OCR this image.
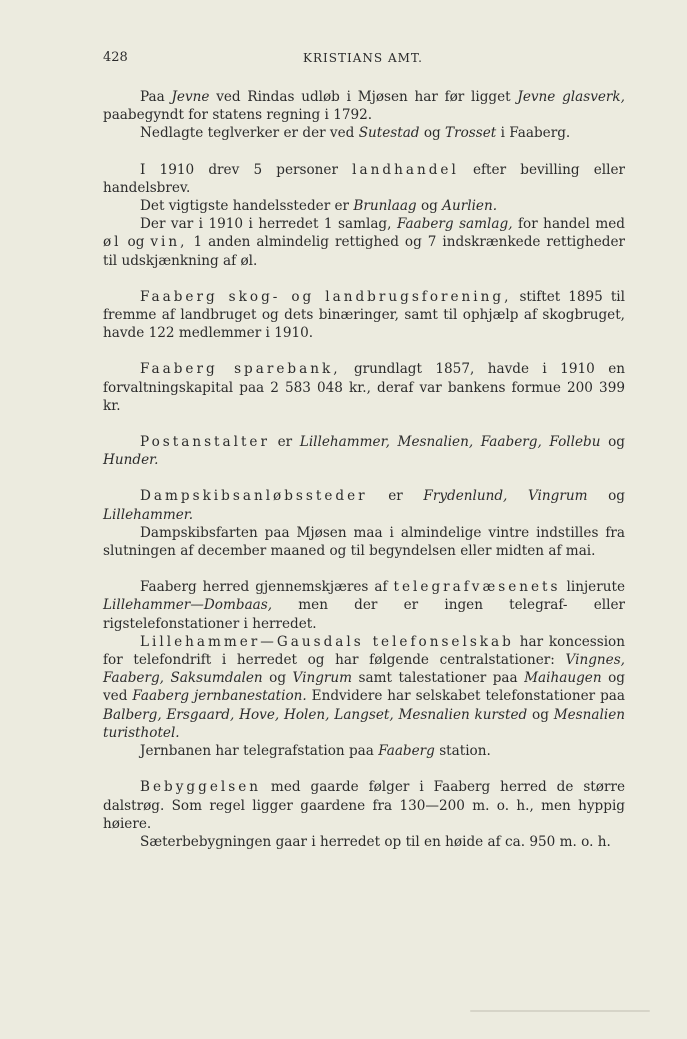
428	KRISTIANS AMT.

Paa Jevne ved Rindas udløb i Mjøsen har før ligget Jevne glasverk, paabegyndt for statens regning i 1792.

Nedlagte teglverker er der ved Sutestad og Trosset i Faaberg.

I 1910 drev 5 personer landhandel efter bevilling eller handelsbrev.

Det vigtigste handelssteder er Brunlaag og Aurlien.

Der var i 1910 i herredet 1 samlag, Faaberg samlag, for handel med øl og vin, 1 anden almindelig rettighed og 7 indskrænkede rettigheder til udskjænkning af øl.

Faaberg skog- og landbrugsforening, stiftet 1895 til fremme af landbruget og dets binæringer, samt til ophjælp af skogbruget, havde 122 medlemmer i 1910.

Faaberg sparebank, grundlagt 1857, havde i 1910 en forvaltningskapital paa 2 583 048 kr., deraf var bankens formue 200 399 kr.

Postanstalter er Lillehammer, Mesnalien, Faaberg, Follebu og Hunder.

Dampskibsanløbssteder er Frydenlund, Vingrum og Lillehammer.

Dampskibsfarten paa Mjøsen maa i almindelige vintre indstilles fra slutningen af december maaned og til begyndelsen eller midten af mai.

Faaberg herred gjennemskjæres af telegrafvæsenets linjerute Lillehammer—Dombaas, men der er ingen telegraf- eller rigstelefonstationer i herredet.

Lillehammer—Gausdals telefonselskab har koncession for telefondrift i herredet og har følgende centralstationer: Vingnes, Faaberg, Saksumdalen og Vingrum samt talestationer paa Maihaugen og ved Faaberg jernbanestation. Endvidere har selskabet telefonstationer paa Balberg, Ersgaard, Hove, Holen, Langset, Mesnalien kursted og Mesnalien turisthotel.

Jernbanen har telegrafstation paa Faaberg station.

Bebyggelsen med gaarde følger i Faaberg herred de større dalstrøg. Som regel ligger gaardene fra 130—200 m. o. h., men hyppig høiere.

Sæterbebygningen gaar i herredet op til en høide af ca. 950 m. o. h.
